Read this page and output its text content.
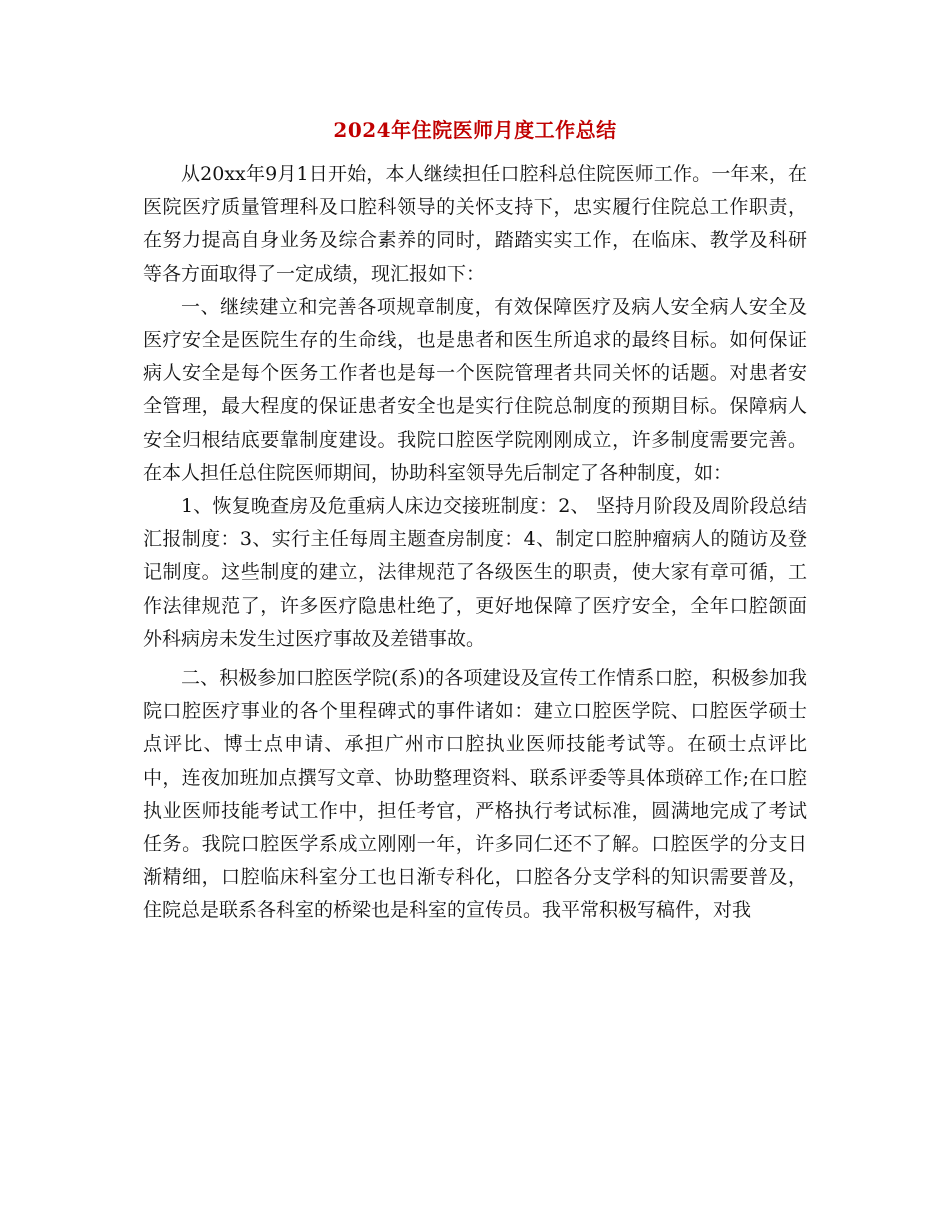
2024年住院医师月度工作总结

从20xx年9月1日开始，本人继续担任口腔科总住院医师工作。一年来，在医院医疗质量管理科及口腔科领导的关怀支持下，忠实履行住院总工作职责，在努力提高自身业务及综合素养的同时，踏踏实实工作，在临床、教学及科研等各方面取得了一定成绩，现汇报如下：

一、继续建立和完善各项规章制度，有效保障医疗及病人安全病人安全及医疗安全是医院生存的生命线，也是患者和医生所追求的最终目标。如何保证病人安全是每个医务工作者也是每一个医院管理者共同关怀的话题。对患者安全管理，最大程度的保证患者安全也是实行住院总制度的预期目标。保障病人安全归根结底要靠制度建设。我院口腔医学院刚刚成立，许多制度需要完善。在本人担任总住院医师期间，协助科室领导先后制定了各种制度，如：

1、恢复晚查房及危重病人床边交接班制度：2、 坚持月阶段及周阶段总结汇报制度：3、实行主任每周主题查房制度：4、制定口腔肿瘤病人的随访及登记制度。这些制度的建立，法律规范了各级医生的职责，使大家有章可循，工作法律规范了，许多医疗隐患杜绝了，更好地保障了医疗安全，全年口腔颌面外科病房未发生过医疗事故及差错事故。

二、积极参加口腔医学院(系)的各项建设及宣传工作情系口腔，积极参加我院口腔医疗事业的各个里程碑式的事件诸如：建立口腔医学院、口腔医学硕士点评比、博士点申请、承担广州市口腔执业医师技能考试等。在硕士点评比中，连夜加班加点撰写文章、协助整理资料、联系评委等具体琐碎工作;在口腔执业医师技能考试工作中，担任考官，严格执行考试标准，圆满地完成了考试任务。我院口腔医学系成立刚刚一年，许多同仁还不了解。口腔医学的分支日渐精细，口腔临床科室分工也日渐专科化，口腔各分支学科的知识需要普及，住院总是联系各科室的桥梁也是科室的宣传员。我平常积极写稿件，对我
